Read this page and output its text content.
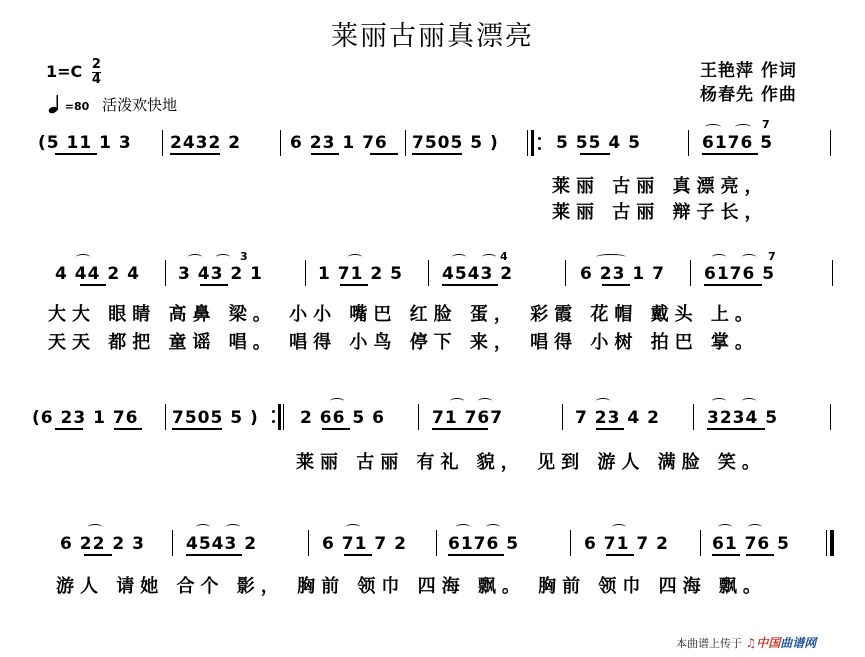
莱丽古丽真漂亮
王艳萍 作词
杨春先 作曲
$1=C \frac{2}{4}$
=80 活泼欢快地
(5 11 1 3 2432 2	6 23 1 76 7505 5 )	5 55 4 5	6176 5
7
莱丽 古丽 真漂亮，
莱丽 古丽 辩子长，
4 44 2 4 3 43 2 1
3
1 71 2 5 4543 2
4
6 23 1 7 6176 5
7
大大 眼睛 高鼻 梁。 小小 嘴巴 红脸 蛋， 彩霞 花帽 戴头 上。
天天 都把 童谣 唱。 唱得 小鸟 停下 来， 唱得 小树 拍巴 掌。
(6 23 1 76 7505 5 ) 2 66 5 6	71 767	7 23 4 2	3234 5
莱丽 古丽 有礼 貌， 见到 游人 满脸 笑。
6 22 2 3 4543 2	6 71 7 2 6176 5	6 71 7 2	61 76 5
游人 请她 合个 影， 胸前 领巾 四海 飘。 胸前 领巾 四海 飘。
本曲谱上传于 ♫中国曲谱网
